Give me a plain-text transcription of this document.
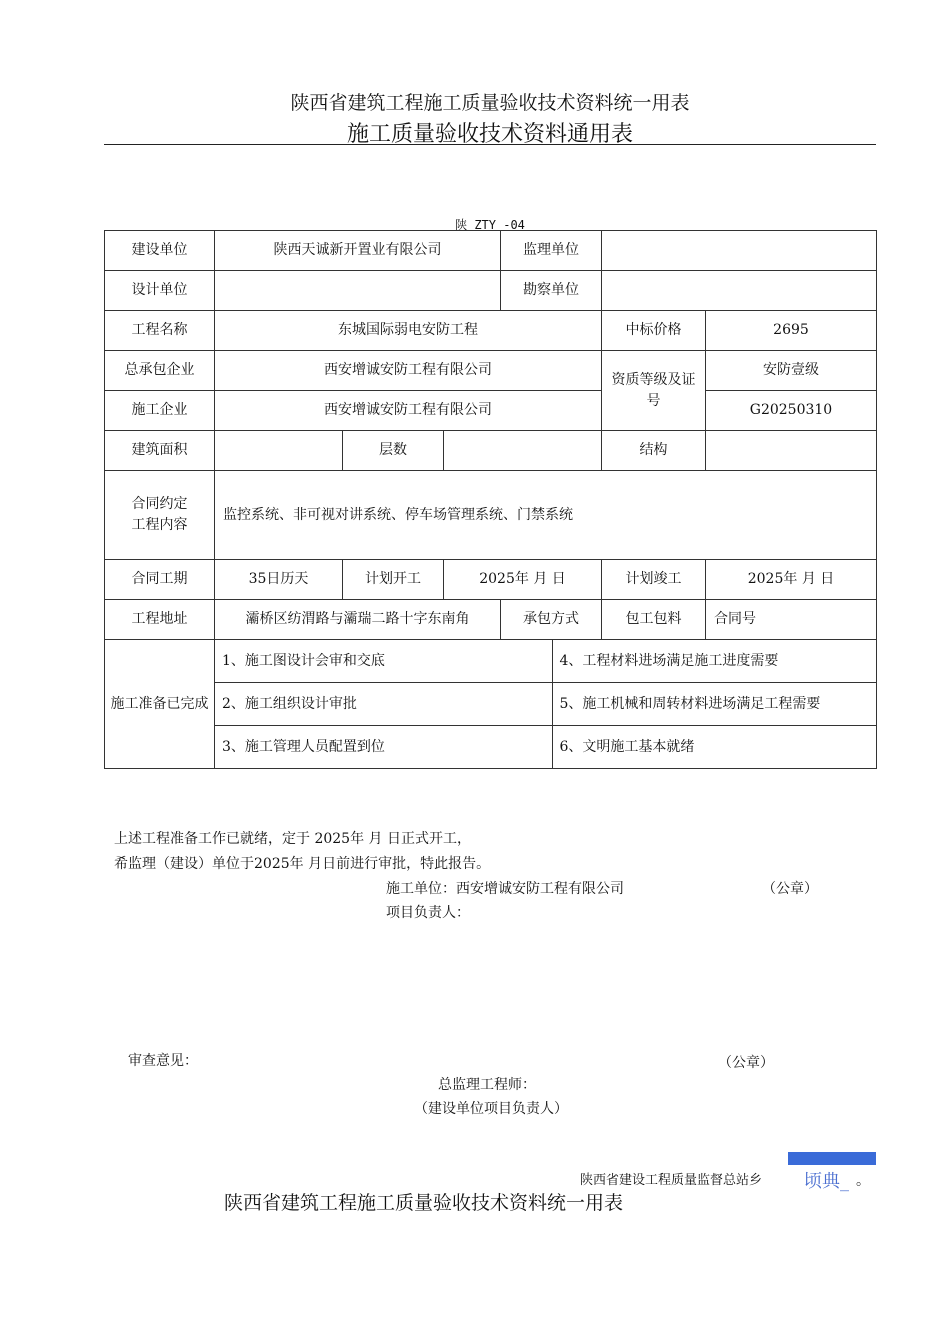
陕西省建筑工程施工质量验收技术资料统一用表
施工质量验收技术资料通用表
陕 ZTY -04
建设单位	陕西天诚新开置业有限公司	监理单位	
设计单位		勘察单位	
工程名称	东城国际弱电安防工程	中标价格	2695
总承包企业	西安增诚安防工程有限公司	资质等级及证号	安防壹级
施工企业	西安增诚安防工程有限公司	G20250310
建筑面积		层数		结构	
合同约定工程内容	监控系统、非可视对讲系统、停车场管理系统、门禁系统
合同工期	35日历天	计划开工	2025年 月 日	计划竣工	2025年 月 日
工程地址	灞桥区纺渭路与灞瑞二路十字东南角	承包方式	包工包料	合同号
施工准备已完成	
1、施工图设计会审和交底	4、工程材料进场满足施工进度需要
2、施工组织设计审批	5、施工机械和周转材料进场满足工程需要
3、施工管理人员配置到位	6、文明施工基本就绪
上述工程准备工作已就绪，定于 2025年 月 日正式开工，
希监理（建设）单位于2025年 月日前进行审批，特此报告。
施工单位：西安增诚安防工程有限公司	（公章）
项目负责人：
审查意见：	（公章）
总监理工程师：
（建设单位项目负责人）
陕西省建设工程质量监督总站乡 顷典_ 。
陕西省建筑工程施工质量验收技术资料统一用表
